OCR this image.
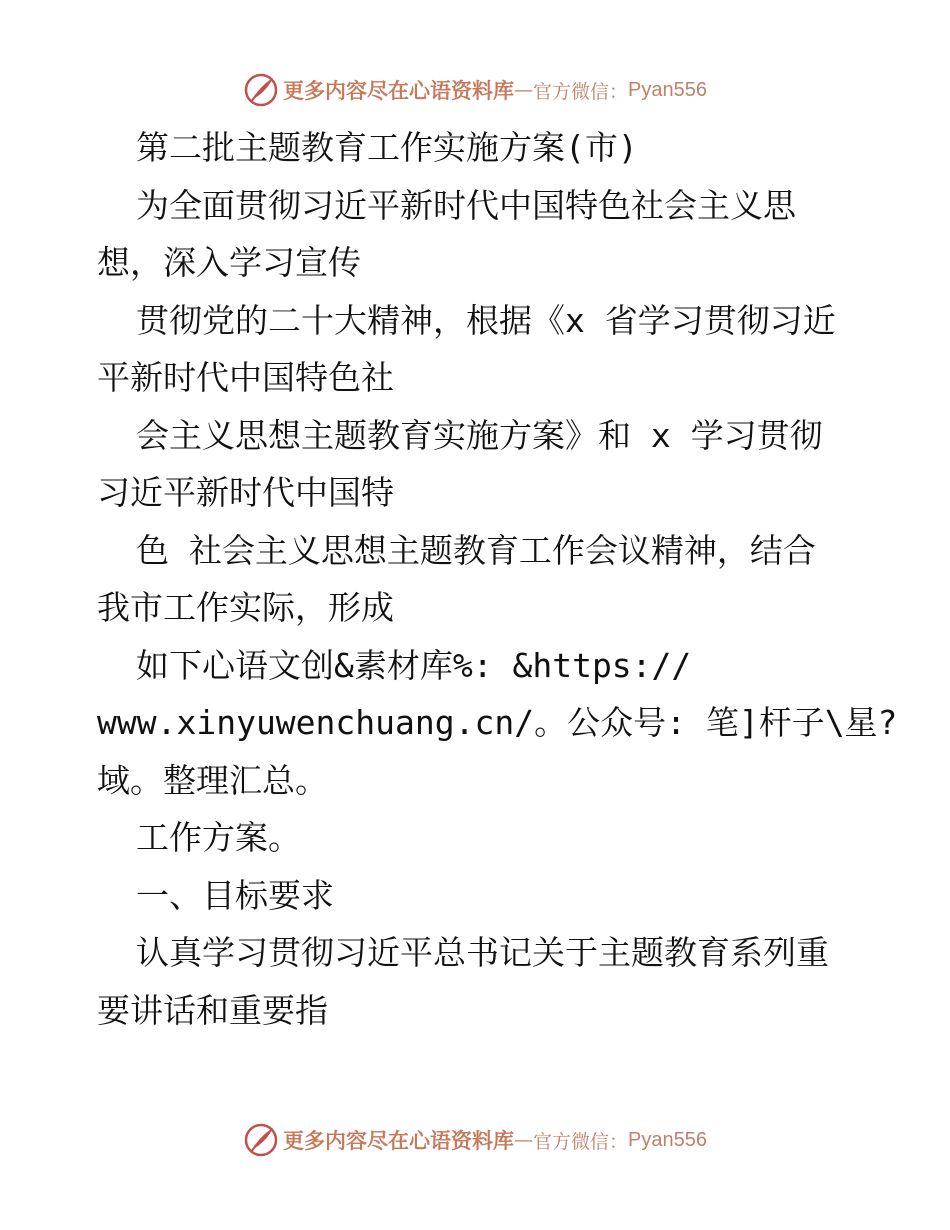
更多内容尽在心语资料库 — 官方微信： Pyan556
第二批主题教育工作实施方案(市)
为全面贯彻习近平新时代中国特色社会主义思
想，深入学习宣传
贯彻党的二十大精神，根据《x 省学习贯彻习近
平新时代中国特色社
会主义思想主题教育实施方案》和 x 学习贯彻
习近平新时代中国特
色 社会主义思想主题教育工作会议精神，结合
我市工作实际，形成
如下心语文创&素材库%: &https://
www.xinyuwenchuang.cn/。公众号: 笔]杆子\星?
域。整理汇总。
工作方案。
一、目标要求
认真学习贯彻习近平总书记关于主题教育系列重
要讲话和重要指
更多内容尽在心语资料库 — 官方微信： Pyan556
